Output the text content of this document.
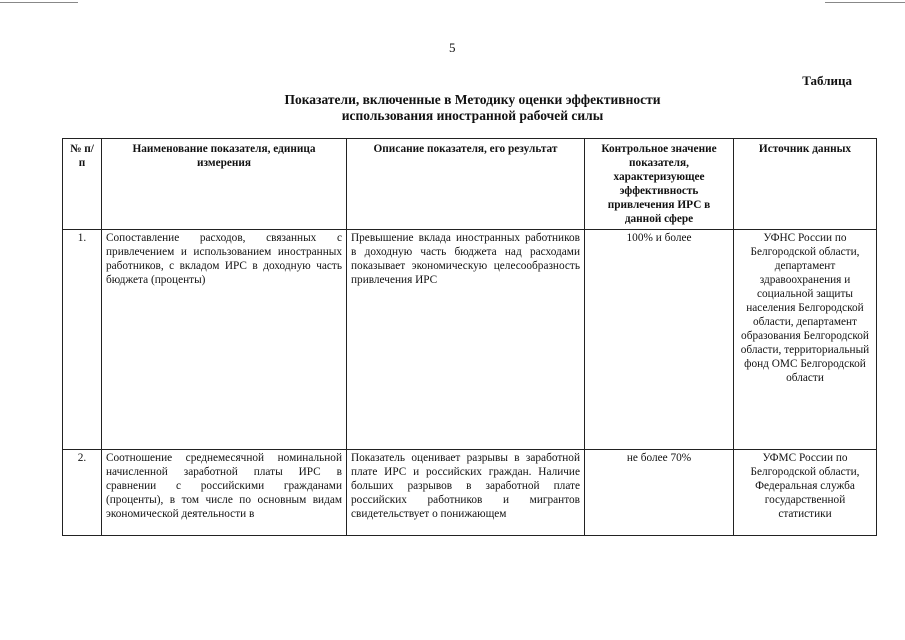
5
Таблица
Показатели, включенные в Методику оценки эффективности
использования иностранной рабочей силы
№ п/п	Наименование показателя, единица измерения	Описание показателя, его результат	Контрольное значение показателя, характеризующее эффективность привлечения ИРС в данной сфере	Источник данных
1.	Сопоставление расходов, связанных с привлечением и использованием иностранных работников, с вкладом ИРС в доходную часть бюджета (проценты)	Превышение вклада иностранных работников в доходную часть бюджета над расходами показывает экономическую целесообразность привлечения ИРС	100% и более	УФНС России по Белгородской области, департамент здравоохранения и социальной защиты населения Белгородской области, департамент образования Белгородской области, территориальный фонд ОМС Белгородской области
2.	Соотношение среднемесячной номинальной начисленной заработной платы ИРС в сравнении с российскими гражданами (проценты), в том числе по основным видам экономической деятельности в	Показатель оценивает разрывы в заработной плате ИРС и российских граждан. Наличие больших разрывов в заработной плате российских работников и мигрантов свидетельствует о понижающем	не более 70%	УФМС России по Белгородской области, Федеральная служба государственной статистики
